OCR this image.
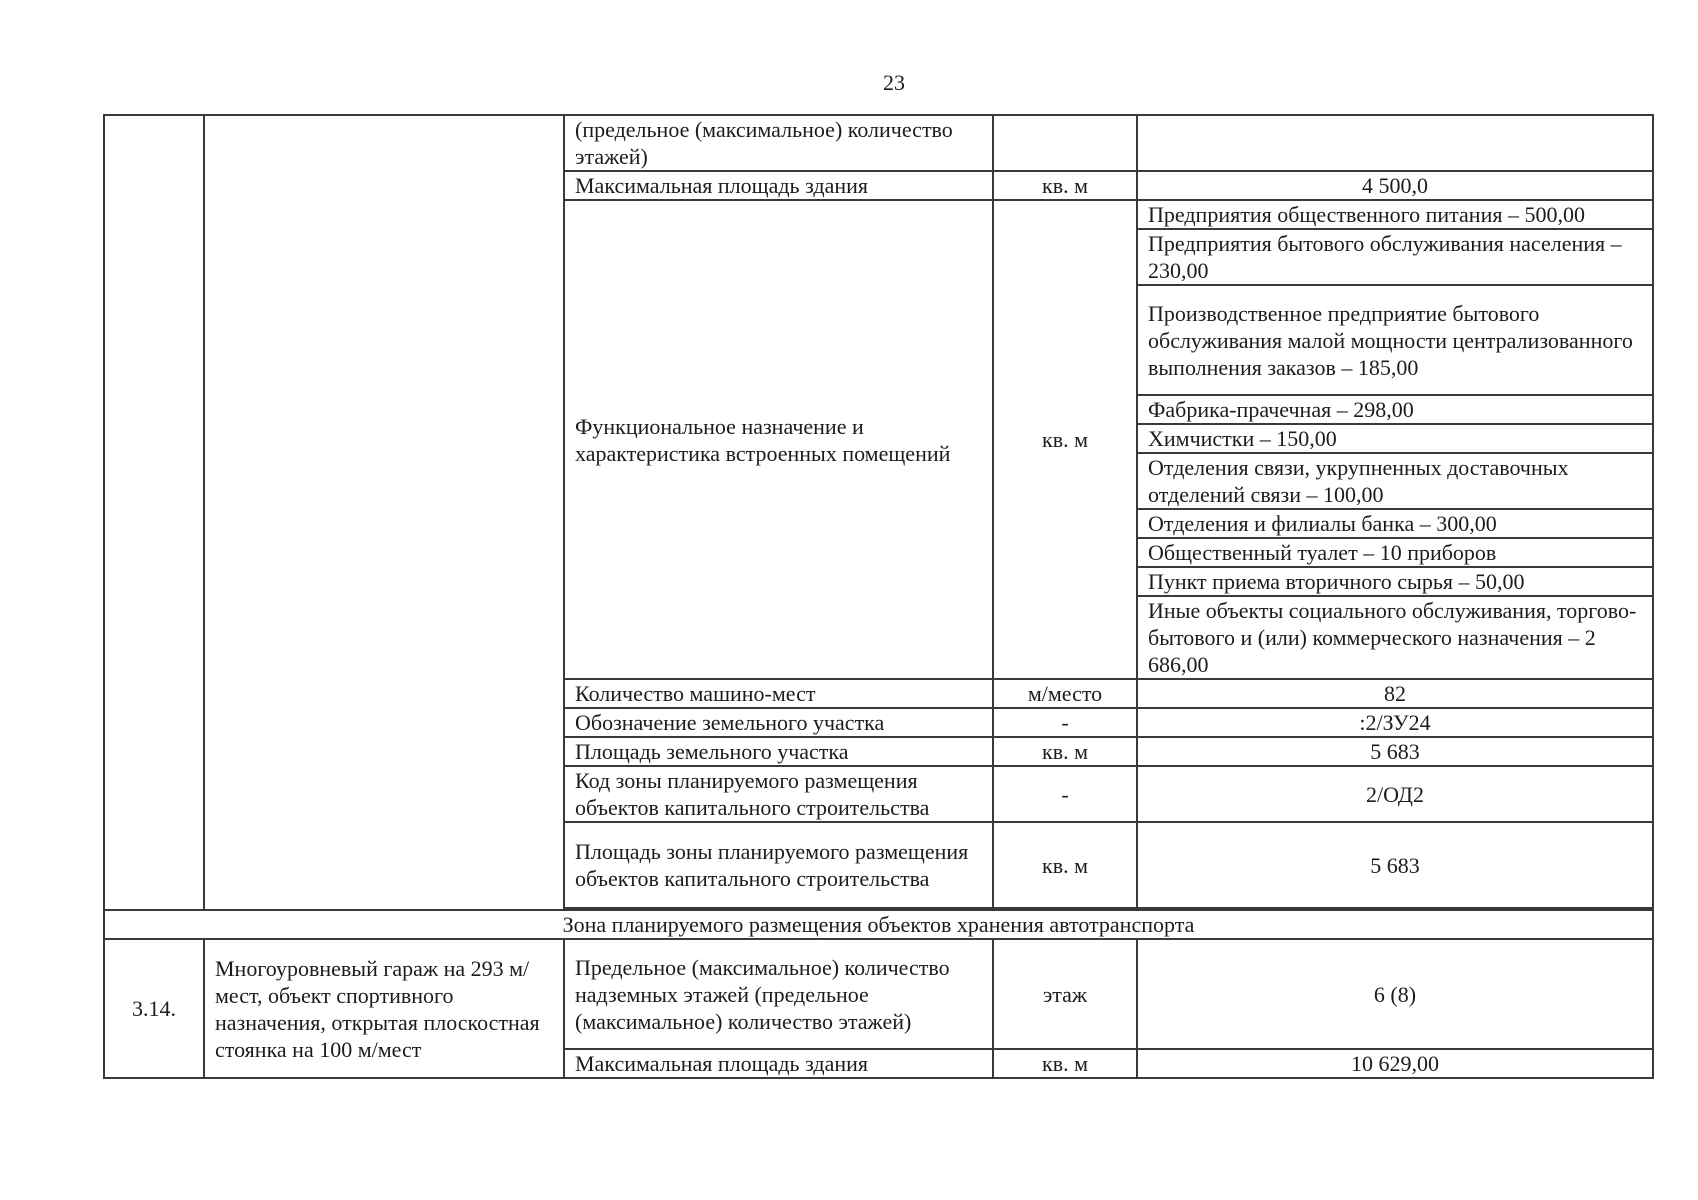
23
		(предельное (максимальное) количество этажей)		
		Максимальная площадь здания	кв. м	4 500,0
		Функциональное назначение и характеристика встроенных помещений	кв. м	Предприятия общественного питания – 500,00
				Предприятия бытового обслуживания населения – 230,00
				Производственное предприятие бытового обслуживания малой мощности централизованного выполнения заказов – 185,00
				Фабрика-прачечная – 298,00
				Химчистки – 150,00
				Отделения связи, укрупненных доставочных отделений связи – 100,00
				Отделения и филиалы банка – 300,00
				Общественный туалет – 10 приборов
				Пункт приема вторичного сырья – 50,00
				Иные объекты социального обслуживания, торгово-бытового и (или) коммерческого назначения – 2 686,00
		Количество машино-мест	м/место	82
		Обозначение земельного участка	-	:2/ЗУ24
		Площадь земельного участка	кв. м	5 683
		Код зоны планируемого размещения объектов капитального строительства	-	2/ОД2
		Площадь зоны планируемого размещения объектов капитального строительства	кв. м	5 683

Зона планируемого размещения объектов хранения автотранспорта				
3.14.	Многоуровневый гараж на 293 м/мест, объект спортивного назначения, открытая плоскостная стоянка на 100 м/мест	Предельное (максимальное) количество надземных этажей (предельное (максимальное) количество этажей)	этаж	6 (8)
		Максимальная площадь здания	кв. м	10 629,00
